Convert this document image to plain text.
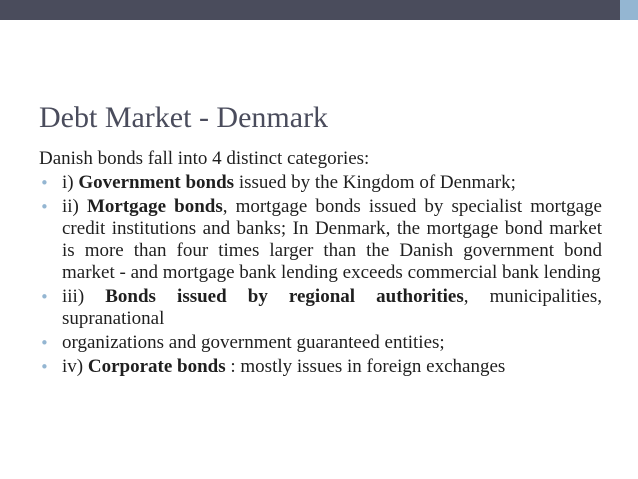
Debt Market - Denmark

Danish bonds fall into 4 distinct categories:

• i) Government bonds issued by the Kingdom of Denmark;
• ii) Mortgage bonds, mortgage bonds issued by specialist mortgage credit institutions and banks; In Denmark, the mortgage bond market is more than four times larger than the Danish government bond market - and mortgage bank lending exceeds commercial bank lending
• iii) Bonds issued by regional authorities, municipalities, supranational
• organizations and government guaranteed entities;
• iv) Corporate bonds : mostly issues in foreign exchanges
